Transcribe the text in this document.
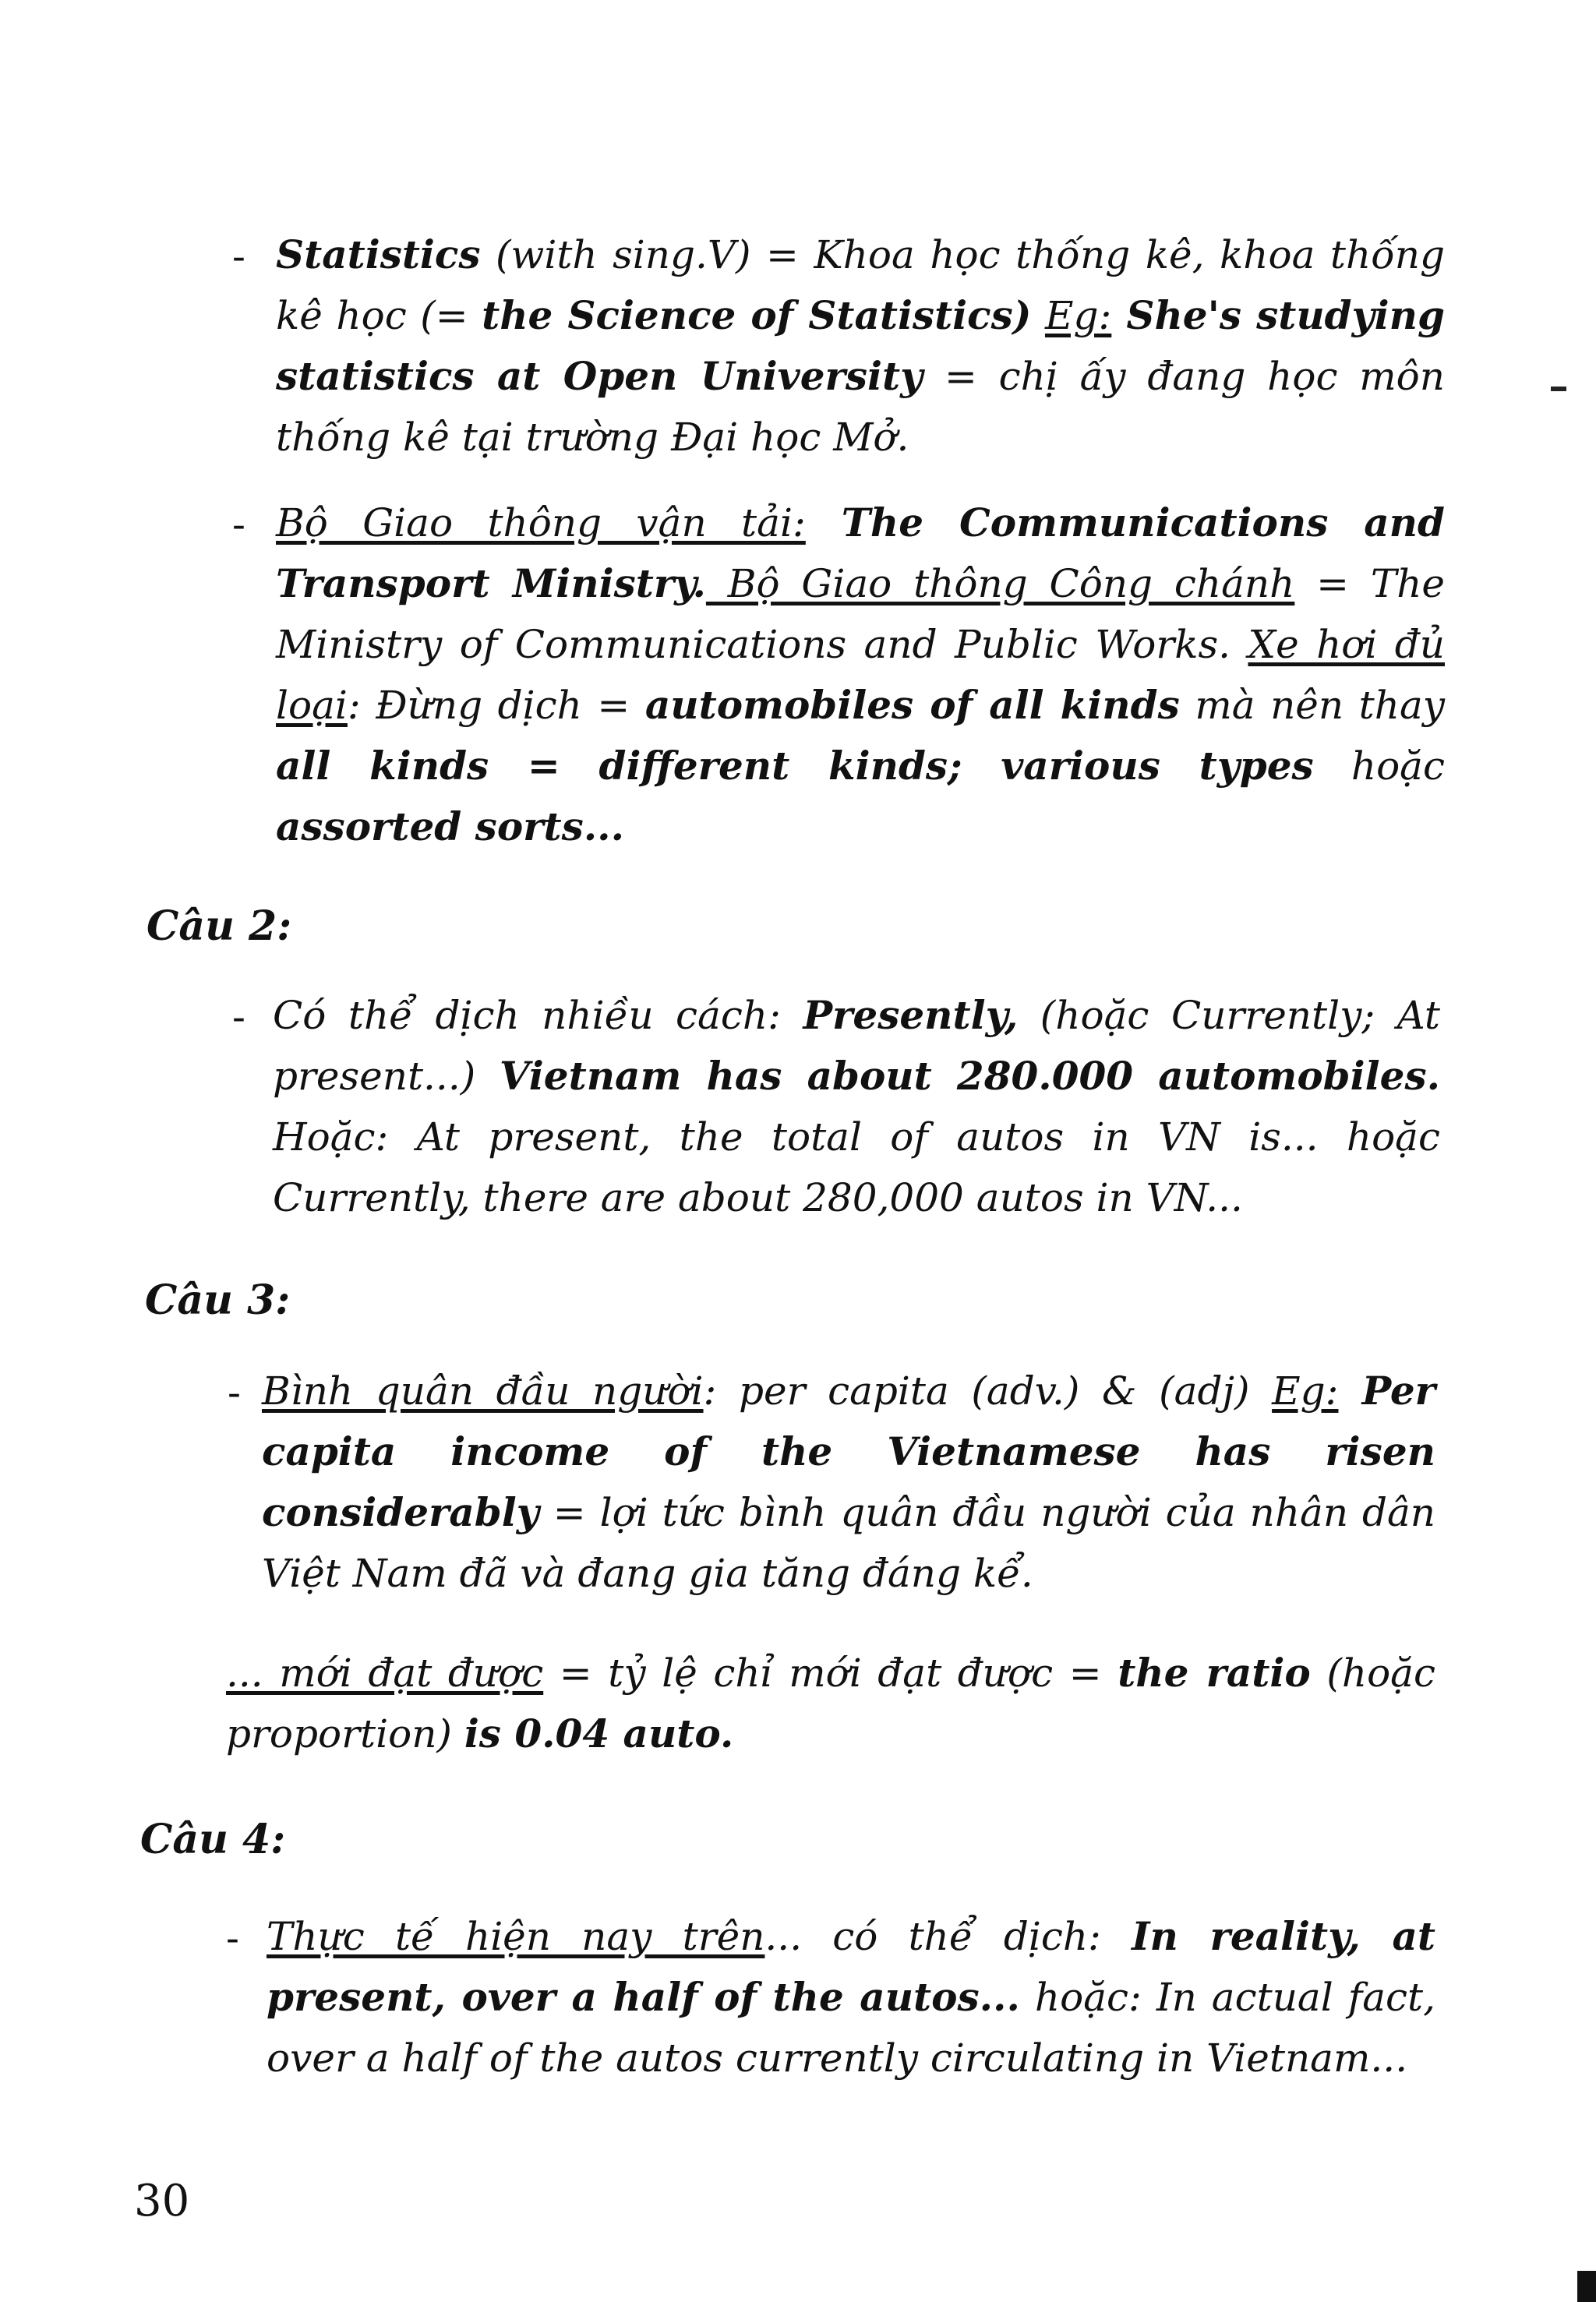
- Statistics (with sing.V) = Khoa học thống kê, khoa thống kê học (= the Science of Statistics) Eg: She's studying statistics at Open University = chị ấy đang học môn thống kê tại trường Đại học Mở.

- Bộ Giao thông vận tải: The Communications and Transport Ministry. Bộ Giao thông Công chánh = The Ministry of Communications and Public Works. Xe hơi đủ loại: Đừng dịch = automobiles of all kinds mà nên thay all kinds = different kinds; various types hoặc assorted sorts...

Câu 2:
- Có thể dịch nhiều cách: Presently, (hoặc Currently; At present...) Vietnam has about 280.000 automobiles. Hoặc: At present, the total of autos in VN is... hoặc Currently, there are about 280,000 autos in VN...

Câu 3:
- Bình quân đầu người: per capita (adv.) & (adj) Eg: Per capita income of the Vietnamese has risen considerably = lợi tức bình quân đầu người của nhân dân Việt Nam đã và đang gia tăng đáng kể.

... mới đạt được = tỷ lệ chỉ mới đạt được = the ratio (hoặc proportion) is 0.04 auto.

Câu 4:
- Thực tế hiện nay trên... có thể dịch: In reality, at present, over a half of the autos... hoặc: In actual fact, over a half of the autos currently circulating in Vietnam...

30
